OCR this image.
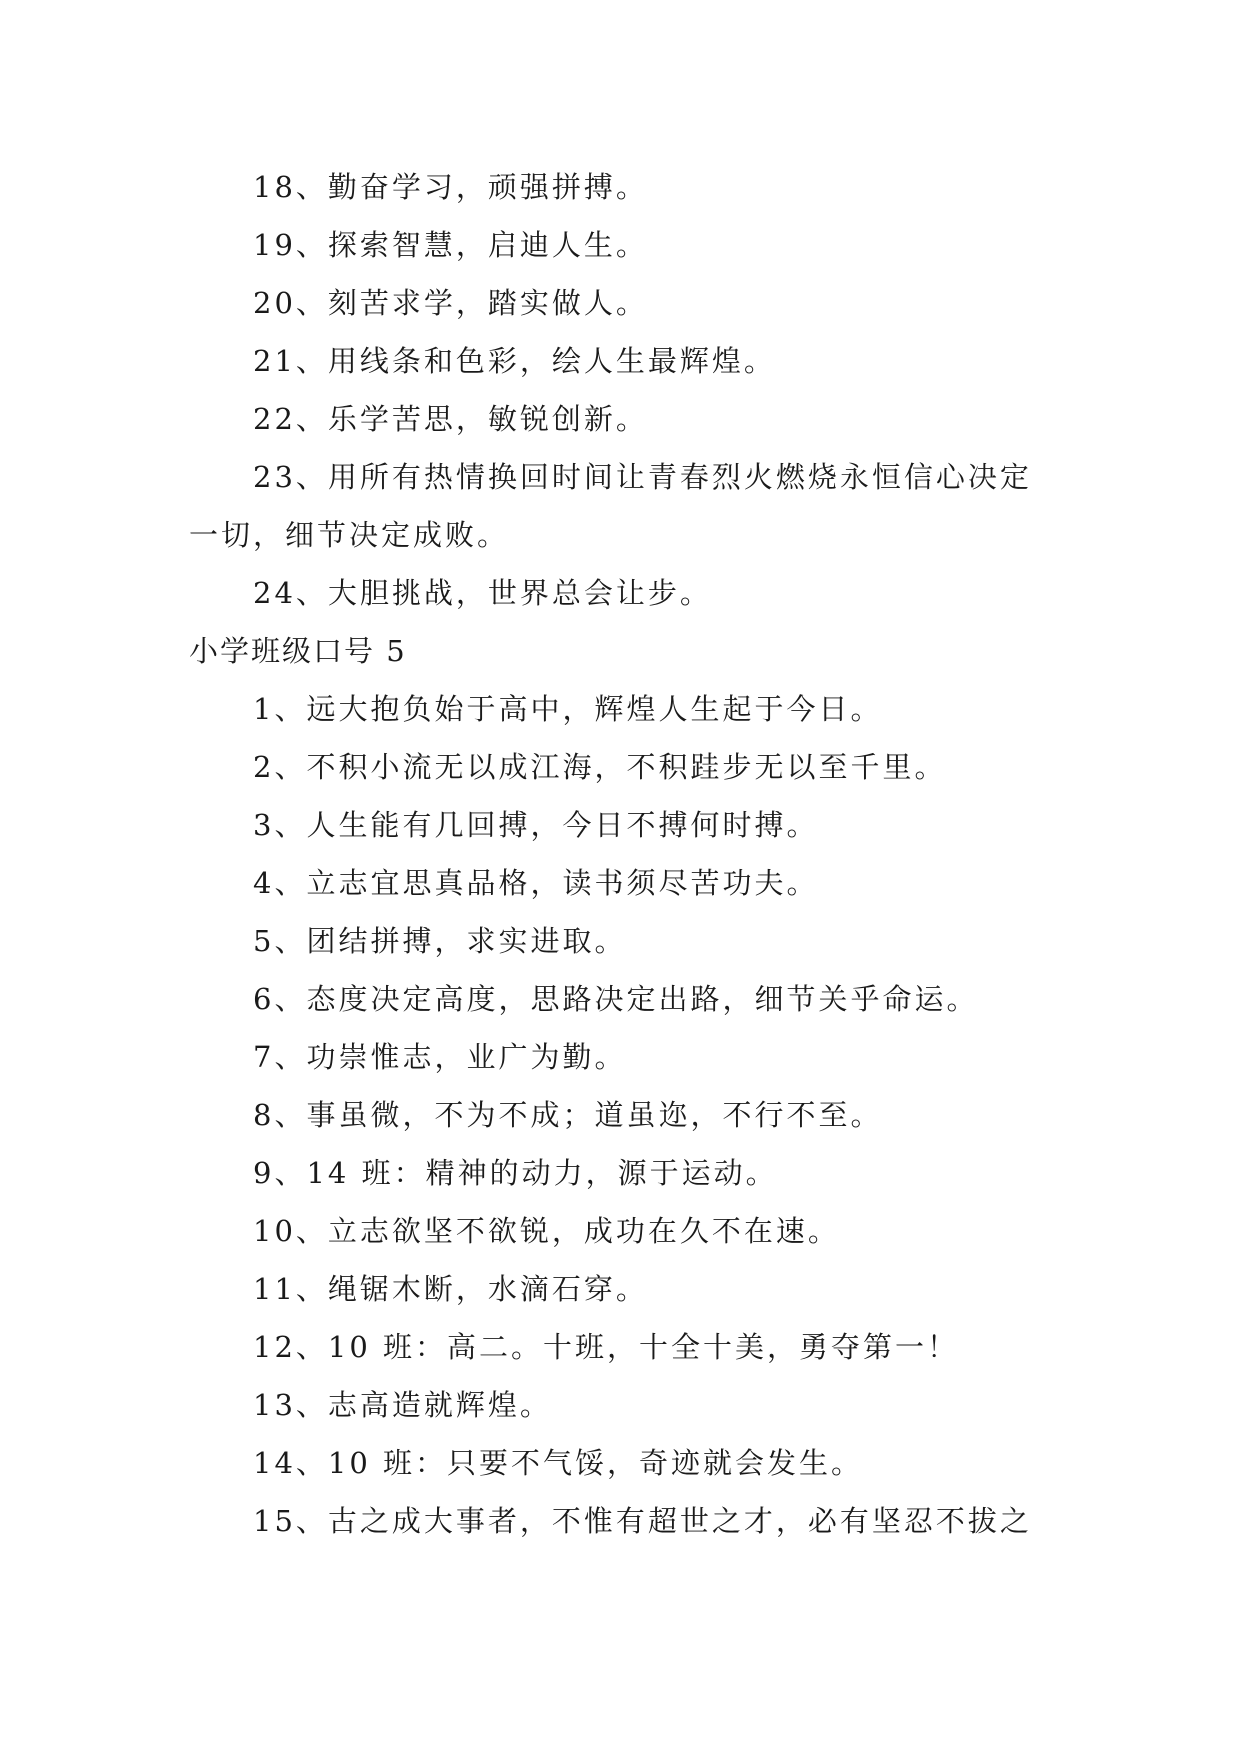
18、勤奋学习，顽强拼搏。
19、探索智慧，启迪人生。
20、刻苦求学，踏实做人。
21、用线条和色彩，绘人生最辉煌。
22、乐学苦思，敏锐创新。
23、用所有热情换回时间让青春烈火燃烧永恒信心决定
一切，细节决定成败。
24、大胆挑战，世界总会让步。
小学班级口号 5
1、远大抱负始于高中，辉煌人生起于今日。
2、不积小流无以成江海，不积跬步无以至千里。
3、人生能有几回搏，今日不搏何时搏。
4、立志宜思真品格，读书须尽苦功夫。
5、团结拼搏，求实进取。
6、态度决定高度，思路决定出路，细节关乎命运。
7、功崇惟志，业广为勤。
8、事虽微，不为不成；道虽迩，不行不至。
9、14 班：精神的动力，源于运动。
10、立志欲坚不欲锐，成功在久不在速。
11、绳锯木断，水滴石穿。
12、10 班：高二。十班，十全十美，勇夺第一！
13、志高造就辉煌。
14、10 班：只要不气馁，奇迹就会发生。
15、古之成大事者，不惟有超世之才，必有坚忍不拔之
